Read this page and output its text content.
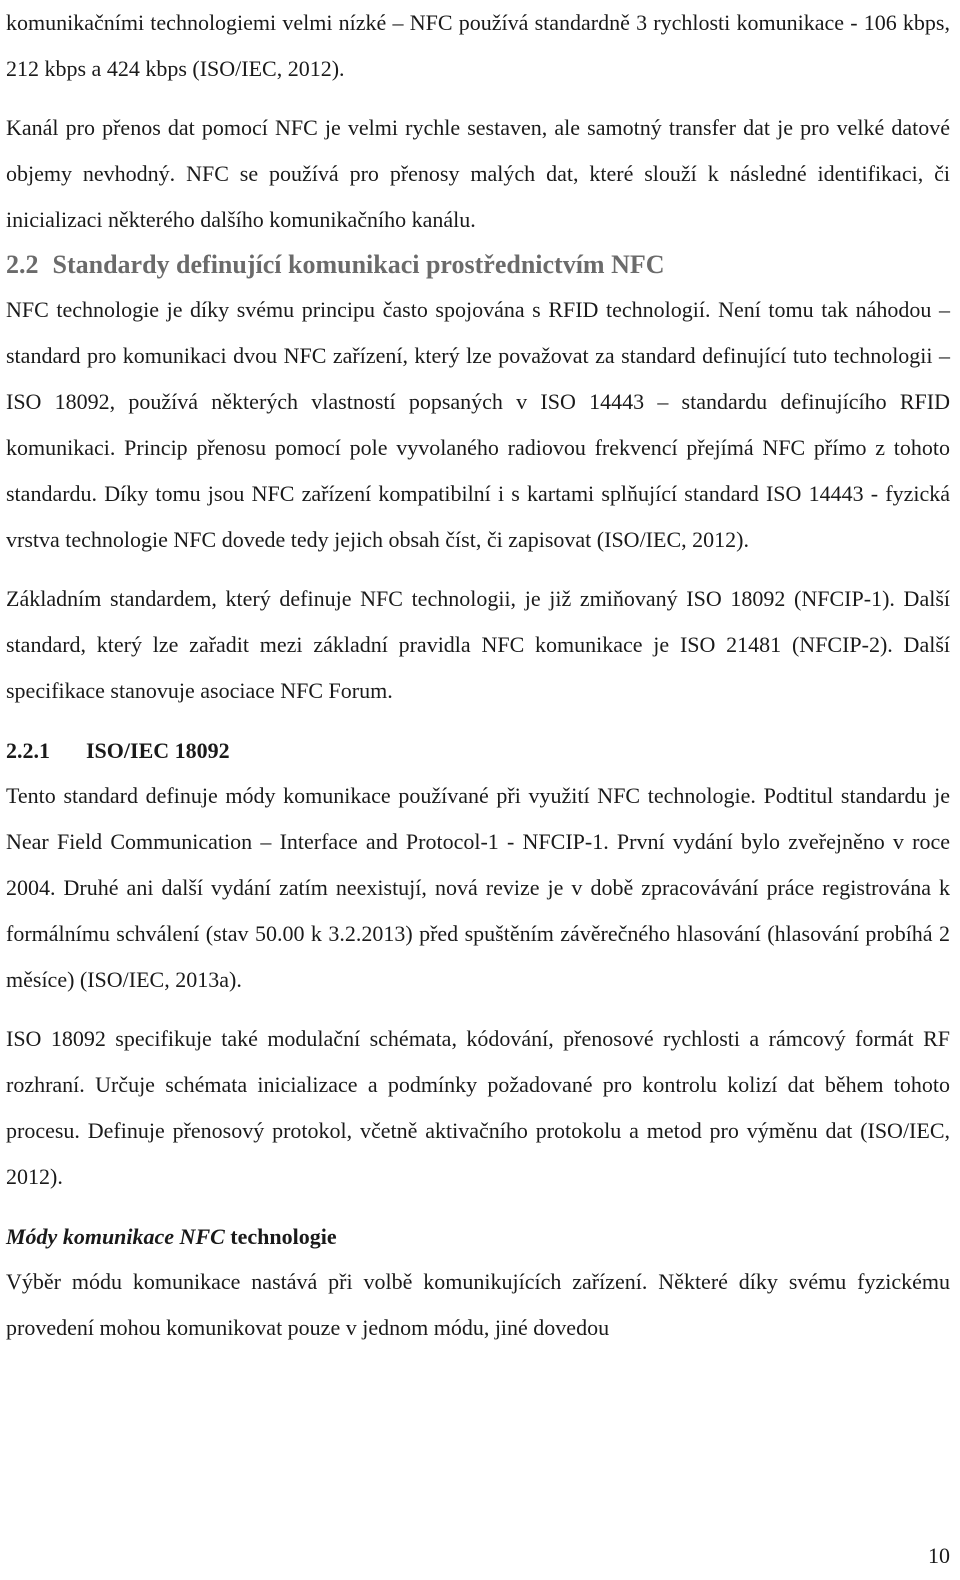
komunikačními technologiemi velmi nízké – NFC používá standardně 3 rychlosti komunikace - 106 kbps, 212 kbps a 424 kbps (ISO/IEC, 2012).

Kanál pro přenos dat pomocí NFC je velmi rychle sestaven, ale samotný transfer dat je pro velké datové objemy nevhodný. NFC se používá pro přenosy malých dat, které slouží k následné identifikaci, či inicializaci některého dalšího komunikačního kanálu.

2.2 Standardy definující komunikaci prostřednictvím NFC

NFC technologie je díky svému principu často spojována s RFID technologií. Není tomu tak náhodou – standard pro komunikaci dvou NFC zařízení, který lze považovat za standard definující tuto technologii – ISO 18092, používá některých vlastností popsaných v ISO 14443 – standardu definujícího RFID komunikaci. Princip přenosu pomocí pole vyvolaného radiovou frekvencí přejímá NFC přímo z tohoto standardu. Díky tomu jsou NFC zařízení kompatibilní i s kartami splňující standard ISO 14443 - fyzická vrstva technologie NFC dovede tedy jejich obsah číst, či zapisovat (ISO/IEC, 2012).

Základním standardem, který definuje NFC technologii, je již zmiňovaný ISO 18092 (NFCIP-1). Další standard, který lze zařadit mezi základní pravidla NFC komunikace je ISO 21481 (NFCIP-2). Další specifikace stanovuje asociace NFC Forum.

2.2.1 ISO/IEC 18092

Tento standard definuje módy komunikace používané při využití NFC technologie. Podtitul standardu je Near Field Communication – Interface and Protocol-1 - NFCIP-1. První vydání bylo zveřejněno v roce 2004. Druhé ani další vydání zatím neexistují, nová revize je v době zpracovávání práce registrována k formálnímu schválení (stav 50.00 k 3.2.2013) před spuštěním závěrečného hlasování (hlasování probíhá 2 měsíce) (ISO/IEC, 2013a).

ISO 18092 specifikuje také modulační schémata, kódování, přenosové rychlosti a rámcový formát RF rozhraní. Určuje schémata inicializace a podmínky požadované pro kontrolu kolizí dat během tohoto procesu. Definuje přenosový protokol, včetně aktivačního protokolu a metod pro výměnu dat (ISO/IEC, 2012).

Módy komunikace NFC technologie

Výběr módu komunikace nastává při volbě komunikujících zařízení. Některé díky svému fyzickému provedení mohou komunikovat pouze v jednom módu, jiné dovedou

10
